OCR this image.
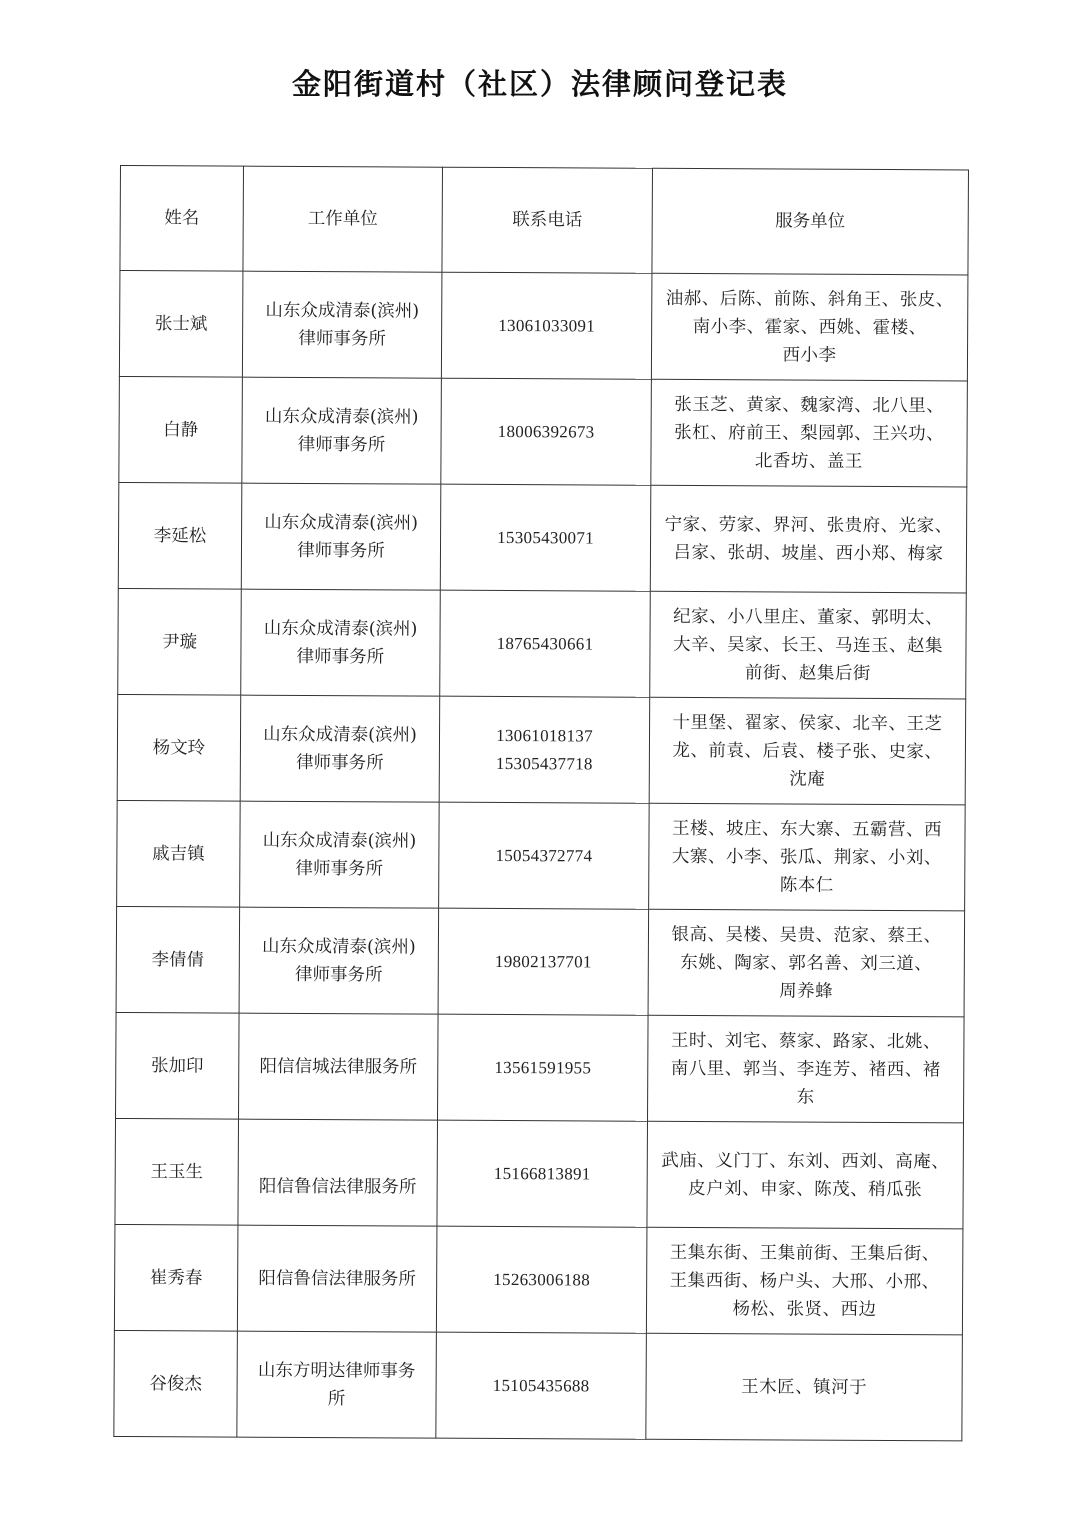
金阳街道村（社区）法律顾问登记表
姓名	工作单位	联系电话	服务单位
张士斌	山东众成清泰(滨州)
律师事务所	13061033091	油郝、后陈、前陈、斜角王、张皮、
南小李、霍家、西姚、霍楼、
西小李

白静	山东众成清泰(滨州)
律师事务所	18006392673	张玉芝、黄家、魏家湾、北八里、
张杠、府前王、梨园郭、王兴功、
北香坊、盖王

李延松	山东众成清泰(滨州)
律师事务所	15305430071	宁家、劳家、界河、张贵府、光家、
吕家、张胡、坡崖、西小郑、梅家

尹璇	山东众成清泰(滨州)
律师事务所	18765430661	纪家、小八里庄、董家、郭明太、
大辛、吴家、长王、马连玉、赵集
前街、赵集后街

杨文玲	山东众成清泰(滨州)
律师事务所	13061018137
15305437718	十里堡、翟家、侯家、北辛、王芝
龙、前袁、后袁、楼子张、史家、
沈庵

戚吉镇	山东众成清泰(滨州)
律师事务所	15054372774	王楼、坡庄、东大寨、五霸营、西
大寨、小李、张瓜、荆家、小刘、
陈本仁

李倩倩	山东众成清泰(滨州)
律师事务所	19802137701	银高、吴楼、吴贵、范家、蔡王、
东姚、陶家、郭名善、刘三道、
周养蜂

张加印	阳信信城法律服务所	13561591955	王时、刘宅、蔡家、路家、北姚、
南八里、郭当、李连芳、褚西、褚
东

王玉生	阳信鲁信法律服务所	15166813891	武庙、义门丁、东刘、西刘、高庵、
皮户刘、申家、陈茂、稍瓜张

崔秀春	阳信鲁信法律服务所	15263006188	王集东街、王集前街、王集后街、
王集西街、杨户头、大邢、小邢、
杨松、张贤、西边

谷俊杰	山东方明达律师事务
所	15105435688	王木匠、镇河于
